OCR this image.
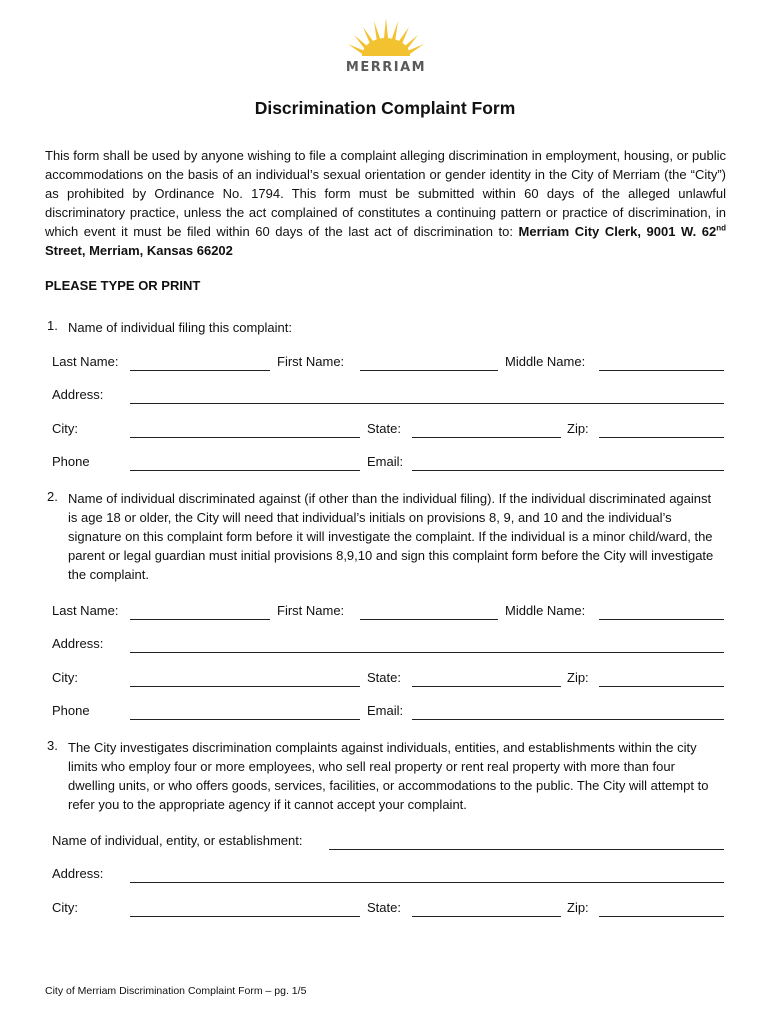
MERRIAM
Discrimination Complaint Form

This form shall be used by anyone wishing to file a complaint alleging discrimination in employment, housing, or public accommodations on the basis of an individual’s sexual orientation or gender identity in the City of Merriam (the “City”) as prohibited by Ordinance No. 1794. This form must be submitted within 60 days of the alleged unlawful discriminatory practice, unless the act complained of constitutes a continuing pattern or practice of discrimination, in which event it must be filed within 60 days of the last act of discrimination to: Merriam City Clerk, 9001 W. 62nd Street, Merriam, Kansas 66202

PLEASE TYPE OR PRINT
1. Name of individual filing this complaint:
Last Name:	First Name:	Middle Name:
Address:
City:	State:	Zip:
Phone	Email:
2. Name of individual discriminated against (if other than the individual filing). If the individual discriminated against is age 18 or older, the City will need that individual’s initials on provisions 8, 9, and 10 and the individual’s signature on this complaint form before it will investigate the complaint. If the individual is a minor child/ward, the parent or legal guardian must initial provisions 8,9,10 and sign this complaint form before the City will investigate the complaint.
Last Name:	First Name:	Middle Name:
Address:
City:	State:	Zip:
Phone	Email:
3. The City investigates discrimination complaints against individuals, entities, and establishments within the city limits who employ four or more employees, who sell real property or rent real property with more than four dwelling units, or who offers goods, services, facilities, or accommodations to the public. The City will attempt to refer you to the appropriate agency if it cannot accept your complaint.
Name of individual, entity, or establishment:
Address:
City:	State:	Zip:
City of Merriam Discrimination Complaint Form – pg. 1/5
